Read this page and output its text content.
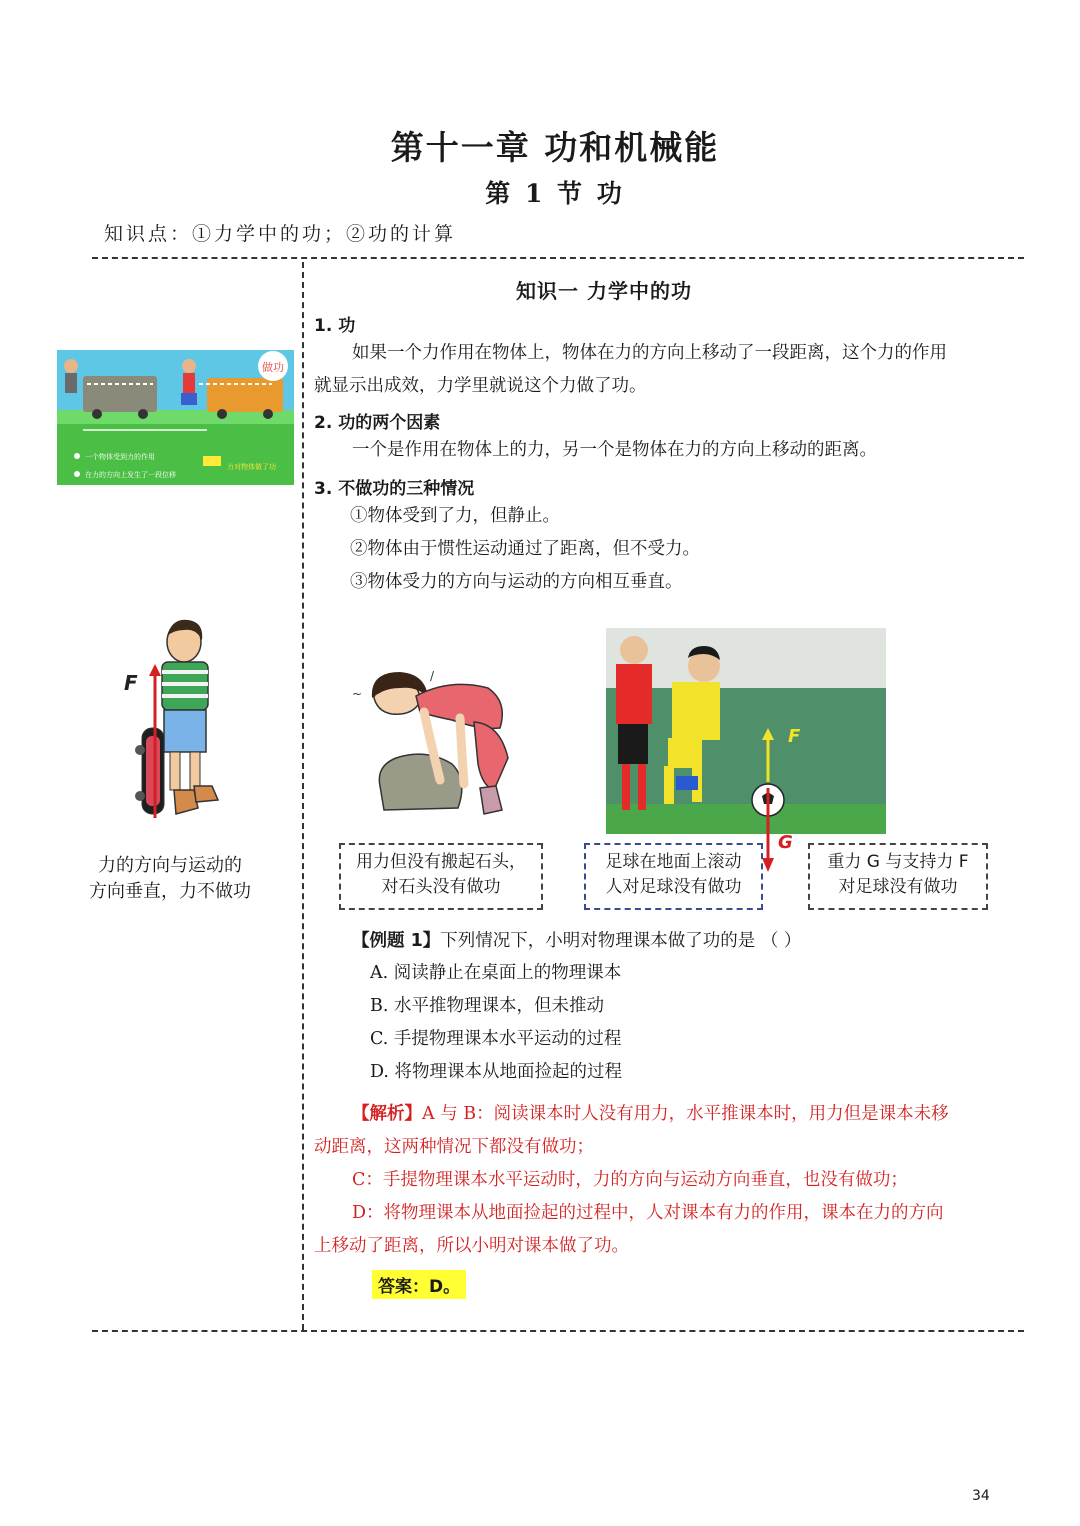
第十一章 功和机械能
第 1 节 功
知识点：①力学中的功；②功的计算
做功
一个物体受到力的作用
在力的方向上发生了一段位移
力对物体做了功
F
力的方向与运动的
方向垂直，力不做功
知识一 力学中的功
1. 功
如果一个力作用在物体上，物体在力的方向上移动了一段距离，这个力的作用
就显示出成效，力学里就说这个力做了功。
2. 功的两个因素
一个是作用在物体上的力，另一个是物体在力的方向上移动的距离。
3. 不做功的三种情况
①物体受到了力，但静止。
②物体由于惯性运动通过了距离，但不受力。
③物体受力的方向与运动的方向相互垂直。
~
/
F
G
用力但没有搬起石头，
对石头没有做功
足球在地面上滚动
人对足球没有做功
重力 G 与支持力 F
对足球没有做功
【例题 1】下列情况下，小明对物理课本做了功的是 （ ）
A. 阅读静止在桌面上的物理课本
B. 水平推物理课本，但未推动
C. 手提物理课本水平运动的过程
D. 将物理课本从地面捡起的过程
【解析】A 与 B：阅读课本时人没有用力，水平推课本时，用力但是课本未移
动距离，这两种情况下都没有做功；
C：手提物理课本水平运动时，力的方向与运动方向垂直，也没有做功；
D：将物理课本从地面捡起的过程中，人对课本有力的作用，课本在力的方向
上移动了距离，所以小明对课本做了功。
答案：D。
34
